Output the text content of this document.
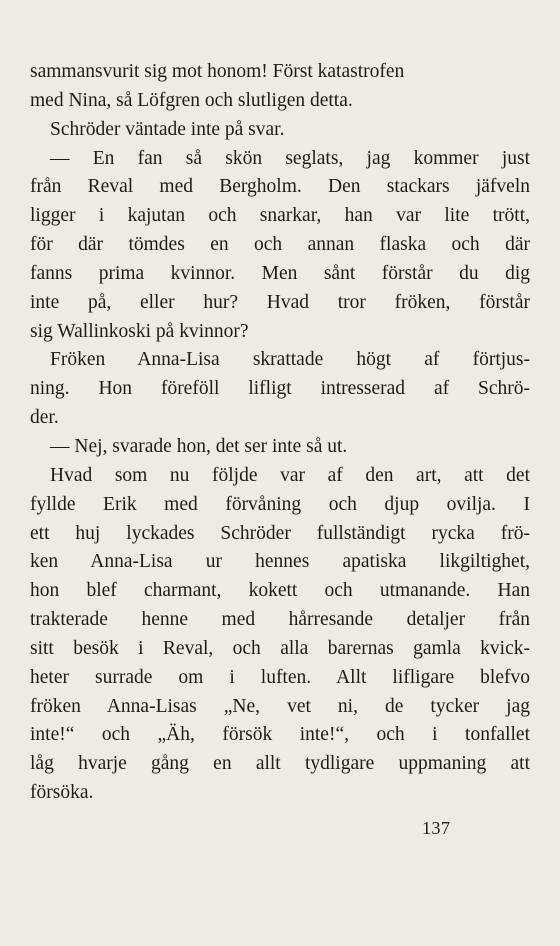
sammansvurit sig mot honom! Först katastrofen
med Nina, så Löfgren och slutligen detta.
Schröder väntade inte på svar.
— En fan så skön seglats, jag kommer just
från Reval med Bergholm. Den stackars jäfveln
ligger i kajutan och snarkar, han var lite trött,
för där tömdes en och annan flaska och där
fanns prima kvinnor. Men sånt förstår du dig
inte på, eller hur? Hvad tror fröken, förstår
sig Wallinkoski på kvinnor?
Fröken Anna-Lisa skrattade högt af förtjus-
ning. Hon föreföll lifligt intresserad af Schrö-
der.
— Nej, svarade hon, det ser inte så ut.
Hvad som nu följde var af den art, att det
fyllde Erik med förvåning och djup ovilja. I
ett huj lyckades Schröder fullständigt rycka frö-
ken Anna-Lisa ur hennes apatiska likgiltighet,
hon blef charmant, kokett och utmanande. Han
trakterade henne med hårresande detaljer från
sitt besök i Reval, och alla barernas gamla kvick-
heter surrade om i luften. Allt lifligare blefvo
fröken Anna-Lisas „Ne, vet ni, de tycker jag
inte!“ och „Äh, försök inte!“, och i tonfallet
låg hvarje gång en allt tydligare uppmaning att
försöka.
137
